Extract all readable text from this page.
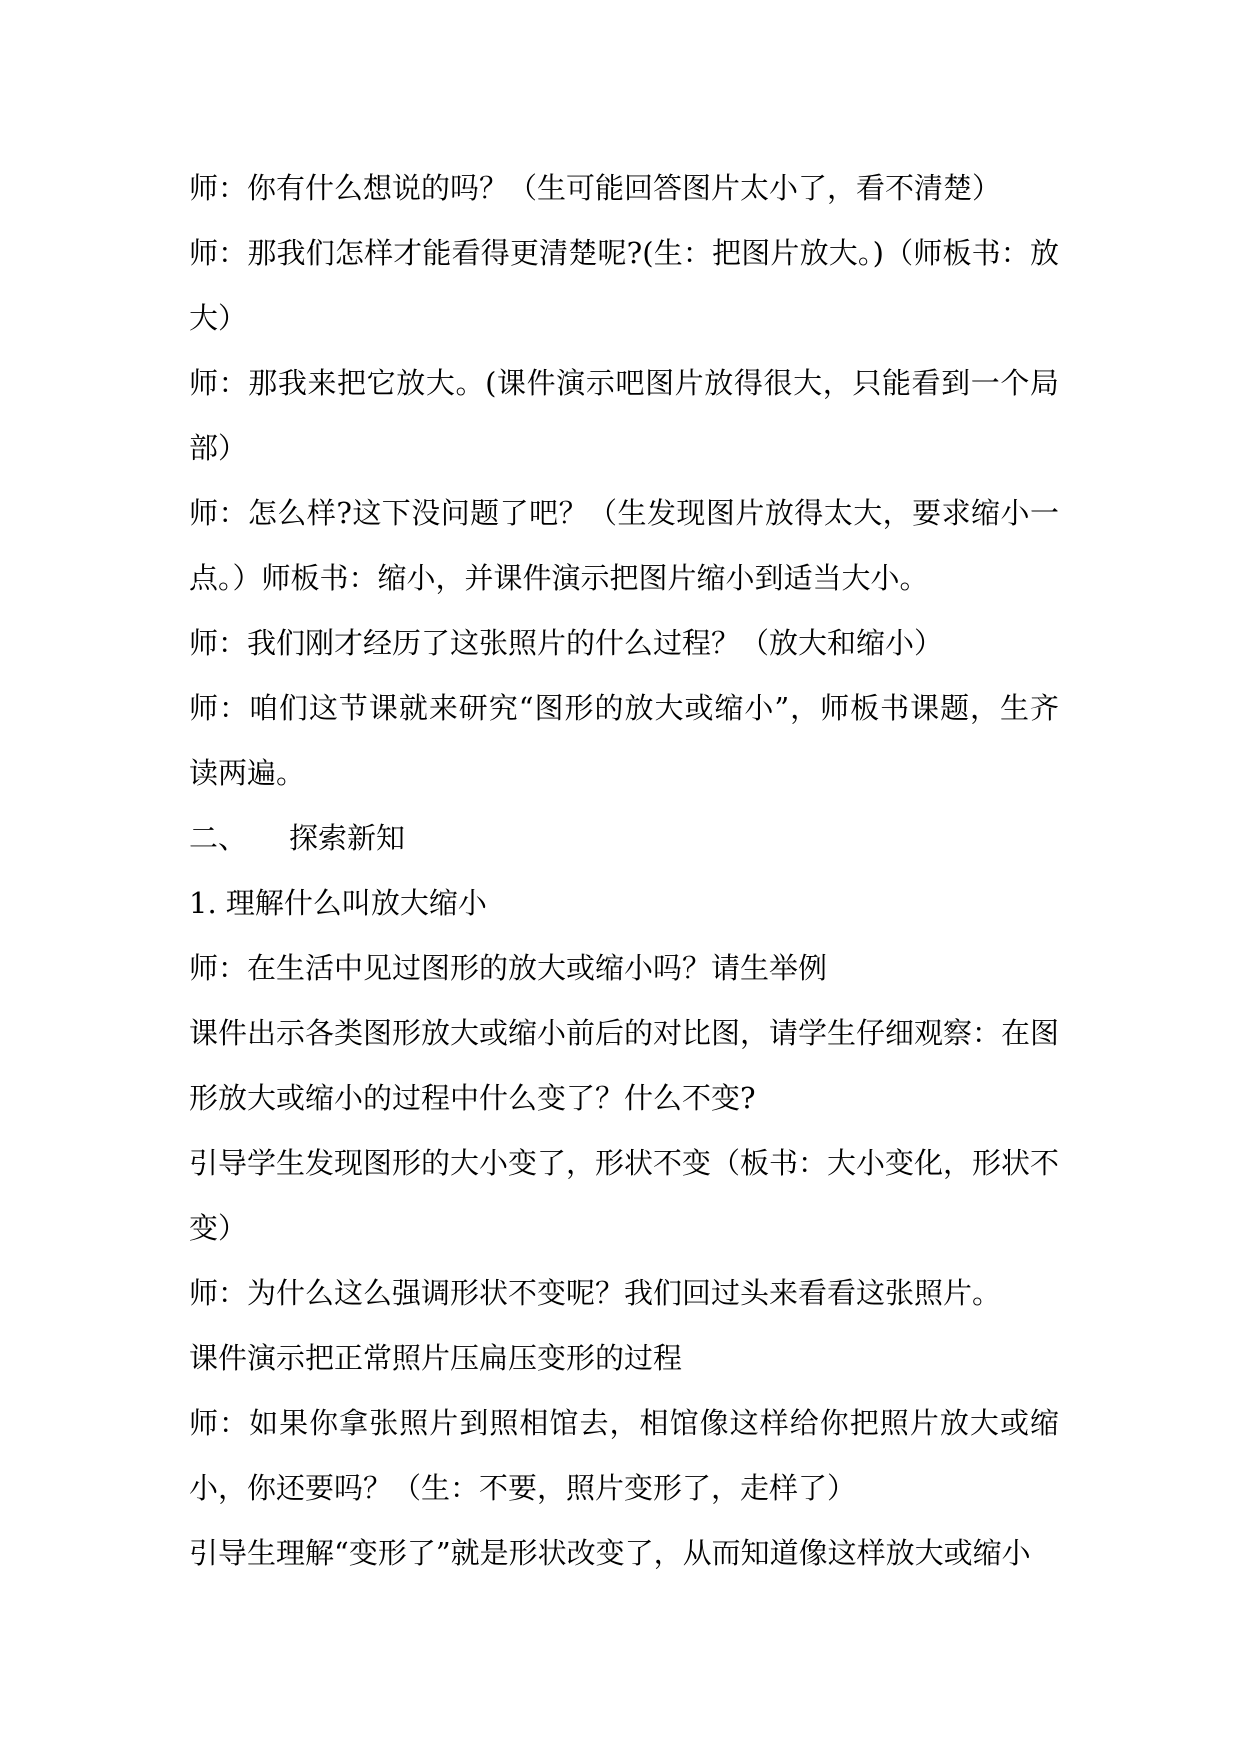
师：你有什么想说的吗？（生可能回答图片太小了，看不清楚）

师：那我们怎样才能看得更清楚呢?(生：把图片放大。)（师板书：放大）

师：那我来把它放大。(课件演示吧图片放得很大，只能看到一个局部）

师：怎么样?这下没问题了吧？（生发现图片放得太大，要求缩小一点。）师板书：缩小，并课件演示把图片缩小到适当大小。

师：我们刚才经历了这张照片的什么过程？（放大和缩小）

师：咱们这节课就来研究“图形的放大或缩小”，师板书课题，生齐读两遍。

二、 探索新知

1. 理解什么叫放大缩小

师：在生活中见过图形的放大或缩小吗？请生举例

课件出示各类图形放大或缩小前后的对比图，请学生仔细观察：在图形放大或缩小的过程中什么变了？什么不变?

引导学生发现图形的大小变了，形状不变（板书：大小变化，形状不变）

师：为什么这么强调形状不变呢？我们回过头来看看这张照片。

课件演示把正常照片压扁压变形的过程

师：如果你拿张照片到照相馆去，相馆像这样给你把照片放大或缩小，你还要吗？（生：不要，照片变形了，走样了）

引导生理解“变形了”就是形状改变了，从而知道像这样放大或缩小
